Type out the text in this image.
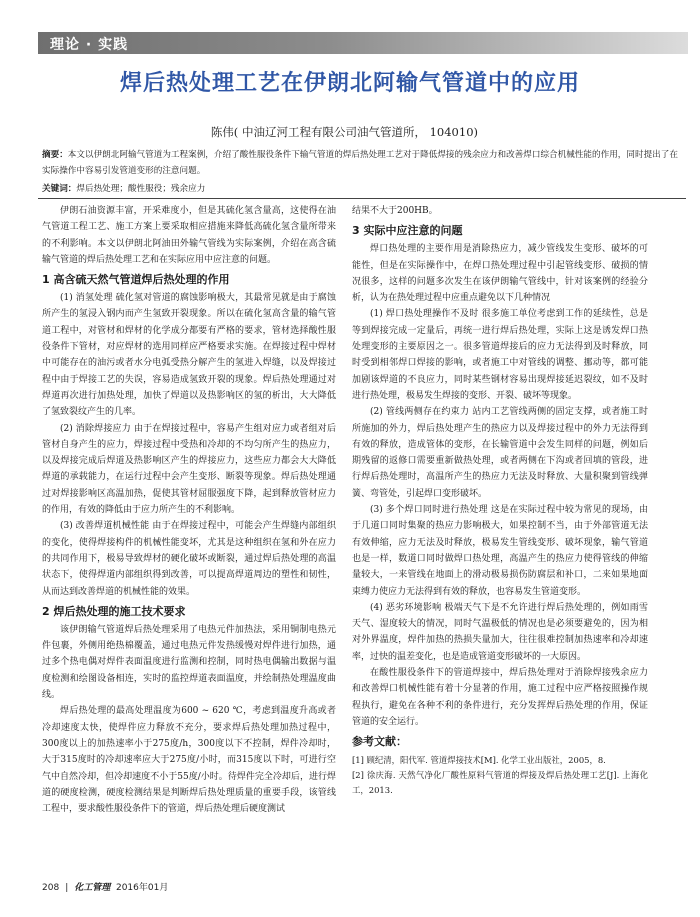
理论 · 实践
焊后热处理工艺在伊朗北阿输气管道中的应用
陈伟( 中油辽河工程有限公司油气管道所， 104010)
摘要：本文以伊朗北阿输气管道为工程案例，介绍了酸性服役条件下输气管道的焊后热处理工艺对于降低焊接的残余应力和改善焊口综合机械性能的作用，同时提出了在实际操作中容易引发管道变形的注意问题。
关键词：焊后热处理；酸性服役；残余应力

伊朗石油资源丰富，开采难度小，但是其硫化氢含量高，这使得在油气管道工程工艺、施工方案上要采取相应措施来降低高硫化氢含量所带来的不利影响。本文以伊朗北阿油田外输气管线为实际案例，介绍在高含硫输气管道的焊后热处理工艺和在实际应用中应注意的问题。

1 高含硫天然气管道焊后热处理的作用

(1) 消氢处理 硫化氢对管道的腐蚀影响极大，其最常见就是由于腐蚀所产生的氢浸入钢内而产生氢致开裂现象。所以在硫化氢高含量的输气管道工程中，对管材和焊材的化学成分都要有严格的要求，管材选择酸性服役条件下管材，对应焊材的选用同样应严格要求实施。在焊接过程中焊材中可能存在的油污或者水分电弧受热分解产生的氢进入焊缝，以及焊接过程中由于焊接工艺的失误，容易造成氢致开裂的现象。焊后热处理通过对焊道再次进行加热处理，加快了焊道以及热影响区的氢的析出，大大降低了氢致裂纹产生的几率。

(2) 消除焊接应力 由于在焊接过程中，容易产生组对应力或者组对后管材自身产生的应力，焊接过程中受热和冷却的不均匀所产生的热应力，以及焊接完成后焊道及热影响区产生的焊接应力，这些应力都会大大降低焊道的承载能力，在运行过程中会产生变形、断裂等现象。焊后热处理通过对焊接影响区高温加热，促使其管材屈服强度下降，起到释放管材应力的作用，有效的降低由于应力所产生的不利影响。

(3) 改善焊道机械性能 由于在焊接过程中，可能会产生焊缝内部组织的变化，使得焊接构件的机械性能变坏，尤其是这种组织在氢和外在应力的共同作用下，极易导致焊材的硬化破坏或断裂，通过焊后热处理的高温状态下，使得焊道内部组织得到改善，可以提高焊道周边的塑性和韧性，从而达到改善焊道的机械性能的效果。

2 焊后热处理的施工技术要求

该伊朗输气管道焊后热处理采用了电热元件加热法，采用铜制电热元件包裹，外侧用绝热棉覆盖，通过电热元件发热缓慢对焊件进行加热，通过多个热电偶对焊件表面温度进行监测和控制，同时热电偶输出数据与温度检测和绘图设备相连，实时的监控焊道表面温度，并绘制热处理温度曲线。

焊后热处理的最高处理温度为600 ~ 620 ℃，考虑到温度升高或者冷却速度太快，使焊件应力释放不充分，要求焊后热处理加热过程中，300度以上的加热速率小于275度/h，300度以下不控制，焊件冷却时，大于315度时的冷却速率应大于275度/小时，而315度以下时，可进行空气中自然冷却，但冷却速度不小于55度/小时。待焊件完全冷却后，进行焊道的硬度检测，硬度检测结果是判断焊后热处理质量的重要手段，该管线工程中，要求酸性服役条件下的管道，焊后热处理后硬度测试

结果不大于200HB。

3 实际中应注意的问题

焊口热处理的主要作用是消除热应力，减少管线发生变形、破坏的可能性，但是在实际操作中，在焊口热处理过程中引起管线变形、破损的情况很多，这样的问题多次发生在该伊朗输气管线中，针对该案例的经验分析，认为在热处理过程中应重点避免以下几种情况

(1) 焊口热处理操作不及时 很多施工单位考虑到工作的延续性，总是等到焊接完成一定量后，再统一进行焊后热处理，实际上这是诱发焊口热处理变形的主要原因之一。很多管道焊接后的应力无法得到及时释放，同时受到相邻焊口焊接的影响，或者施工中对管线的调整、挪动等，都可能加剧该焊道的不良应力，同时某些钢材容易出现焊接延迟裂纹，如不及时进行热处理，极易发生焊接的变形、开裂、破坏等现象。

(2) 管线两侧存在约束力 站内工艺管线两侧的固定支撑，或者施工时所施加的外力，焊后热处理产生的热应力以及焊接过程中的外力无法得到有效的释放，造成管体的变形，在长输管道中会发生同样的问题，例如后期残留的返修口需要重新做热处理，或者两侧在下沟或者回填的管段，进行焊后热处理时，高温所产生的热应力无法及时释放、大量积聚到管线弹簧、弯管处，引起焊口变形破坏。

(3) 多个焊口同时进行热处理 这是在实际过程中较为常见的现场，由于几道口同时集聚的热应力影响极大，如果控制不当，由于外部管道无法有效伸缩，应力无法及时释放，极易发生管线变形、破坏现象，输气管道也是一样，数道口同时做焊口热处理，高温产生的热应力使得管线的伸缩量较大，一来管线在地面上的滑动极易损伤防腐层和补口，二来如果地面束缚力使应力无法得到有效的释放，也容易发生管道变形。

(4) 恶劣环境影响 极端天气下是不允许进行焊后热处理的，例如雨雪天气、湿度较大的情况，同时气温极低的情况也是必须要避免的，因为相对外界温度，焊件加热的热损失量加大，往往很难控制加热速率和冷却速率，过快的温差变化，也是造成管道变形破坏的一大原因。

在酸性服役条件下的管道焊接中，焊后热处理对于消除焊接残余应力和改善焊口机械性能有着十分显著的作用，施工过程中应严格按照操作规程执行，避免在各种不利的条件进行，充分发挥焊后热处理的作用，保证管道的安全运行。

参考文献：

[1] 顾纪清，阳代军. 管道焊接技术[M]. 化学工业出版社，2005，8.

[2] 徐庆海. 天然气净化厂酸性原料气管道的焊接及焊后热处理工艺[J]. 上海化工，2013.

208 | 化工管理 2016年01月
